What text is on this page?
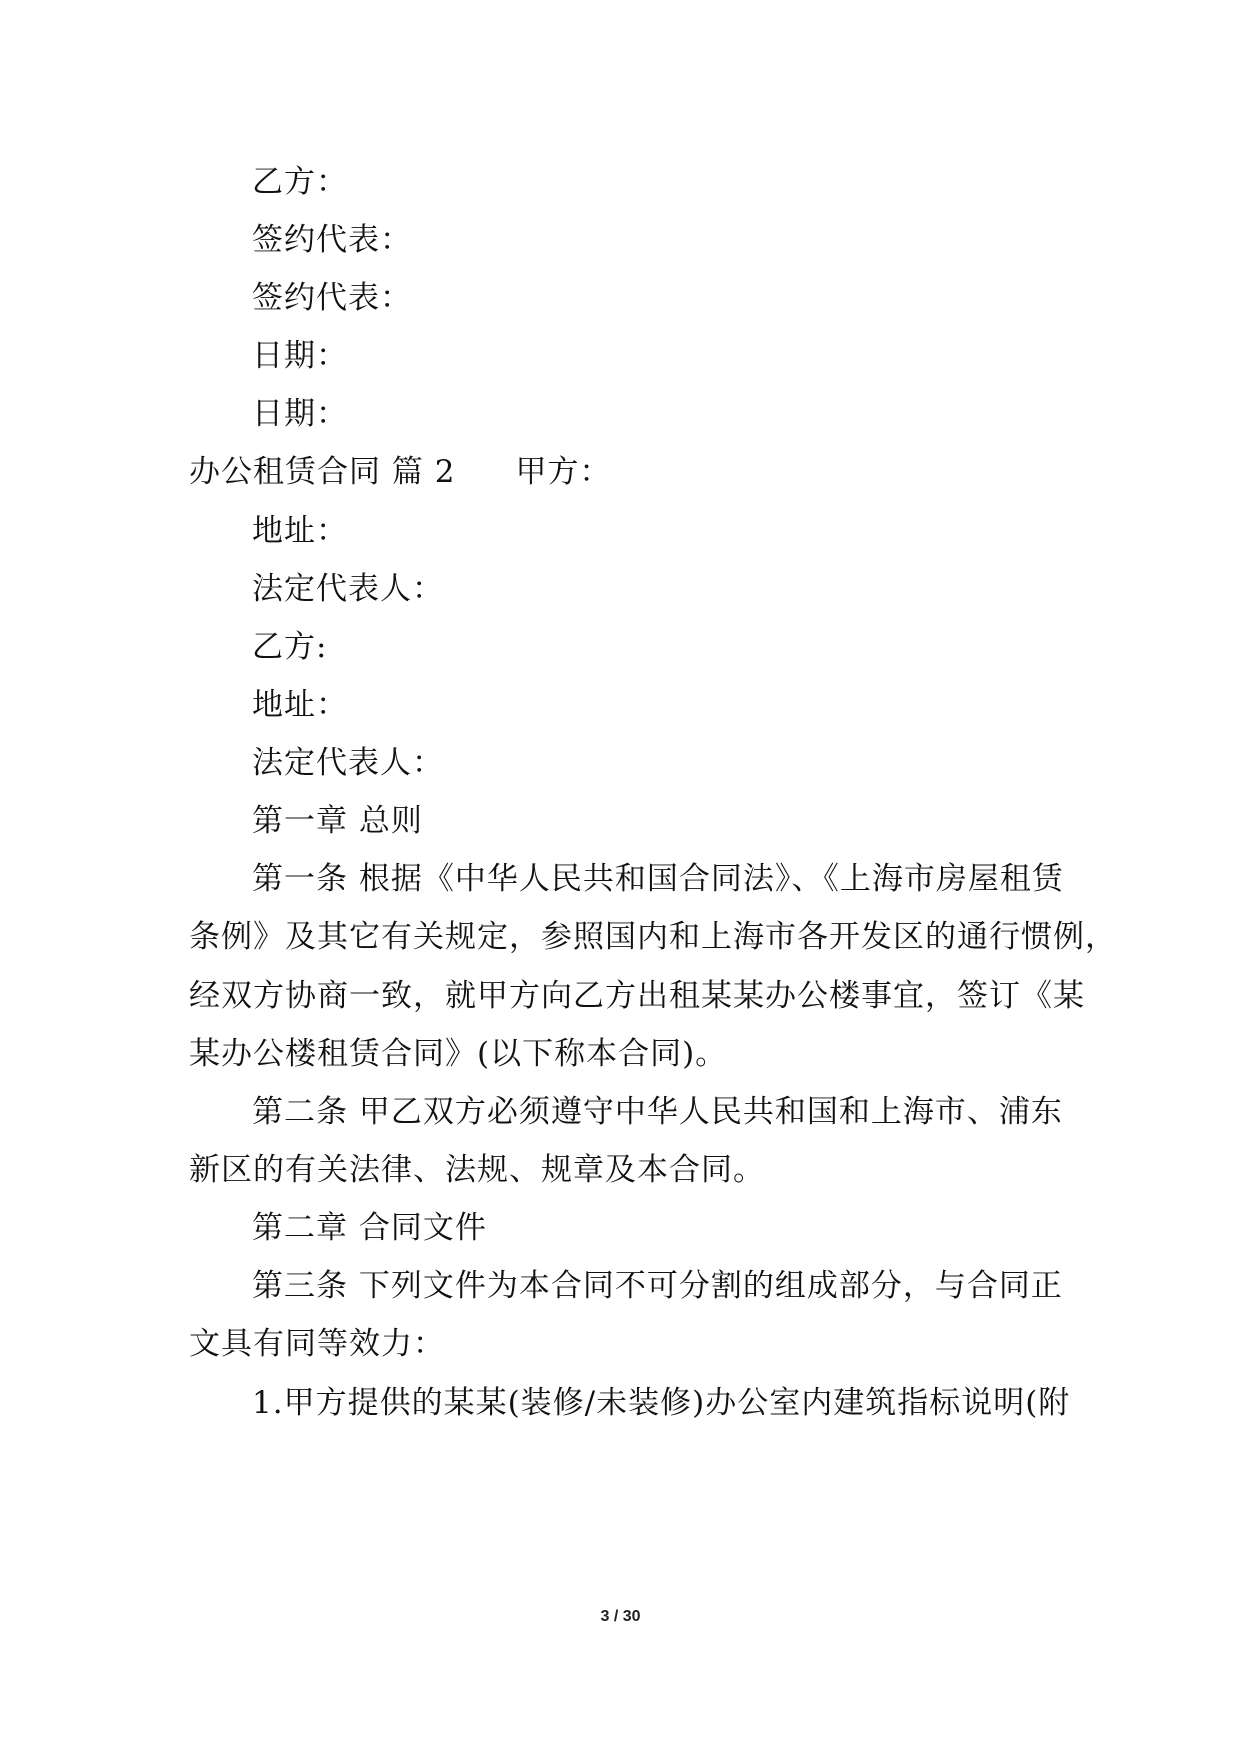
乙方：
签约代表：
签约代表：
日期：
日期：
办公租赁合同 篇 2 甲方：
地址：
法定代表人：
乙方:
地址：
法定代表人：
第一章 总则
第一条 根据《中华人民共和国合同法》、《上海市房屋租赁
条例》及其它有关规定，参照国内和上海市各开发区的通行惯例，
经双方协商一致，就甲方向乙方出租某某办公楼事宜，签订《某
某办公楼租赁合同》(以下称本合同)。
第二条 甲乙双方必须遵守中华人民共和国和上海市、浦东
新区的有关法律、法规、规章及本合同。
第二章 合同文件
第三条 下列文件为本合同不可分割的组成部分，与合同正
文具有同等效力：
1.甲方提供的某某(装修/未装修)办公室内建筑指标说明(附
3 / 30
